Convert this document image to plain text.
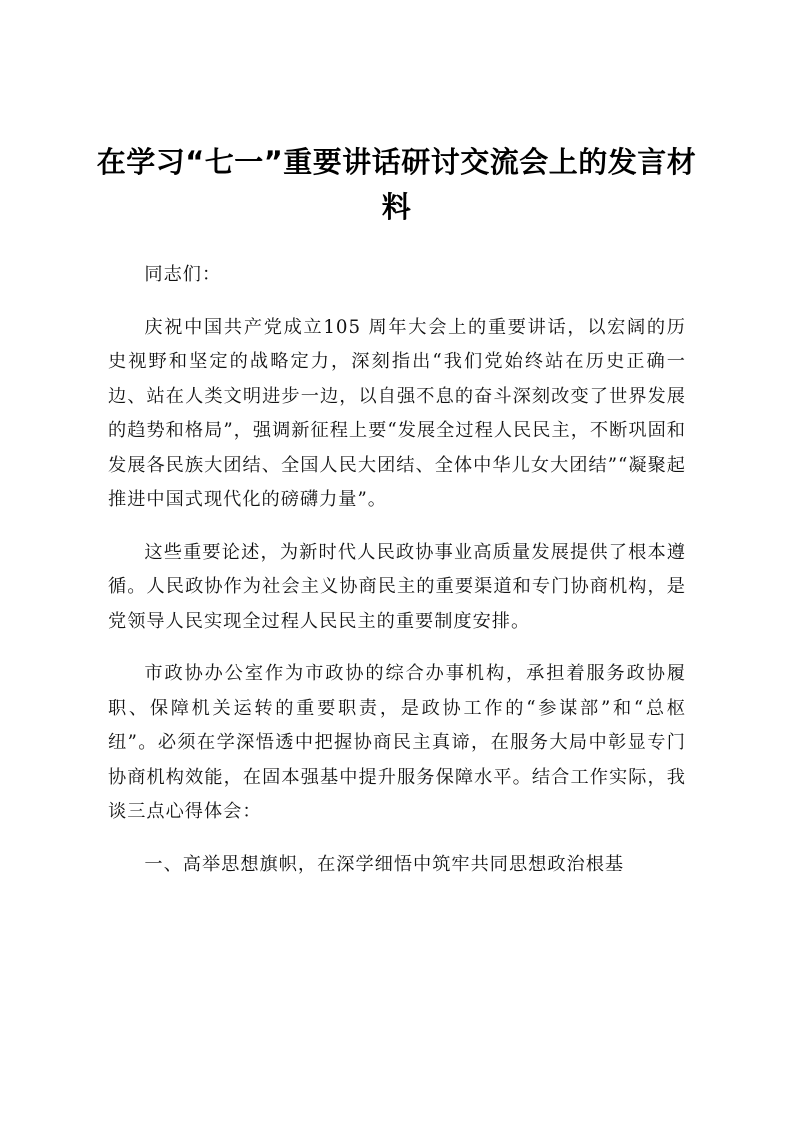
在学习“七一”重要讲话研讨交流会上的发言材料

同志们：

庆祝中国共产党成立105 周年大会上的重要讲话，以宏阔的历史视野和坚定的战略定力，深刻指出“我们党始终站在历史正确一边、站在人类文明进步一边，以自强不息的奋斗深刻改变了世界发展的趋势和格局”，强调新征程上要“发展全过程人民民主，不断巩固和发展各民族大团结、全国人民大团结、全体中华儿女大团结”“凝聚起推进中国式现代化的磅礴力量”。

这些重要论述，为新时代人民政协事业高质量发展提供了根本遵循。人民政协作为社会主义协商民主的重要渠道和专门协商机构，是党领导人民实现全过程人民民主的重要制度安排。

市政协办公室作为市政协的综合办事机构，承担着服务政协履职、保障机关运转的重要职责，是政协工作的“参谋部”和“总枢纽”。必须在学深悟透中把握协商民主真谛，在服务大局中彰显专门协商机构效能，在固本强基中提升服务保障水平。结合工作实际，我谈三点心得体会：

一、高举思想旗帜，在深学细悟中筑牢共同思想政治根基
